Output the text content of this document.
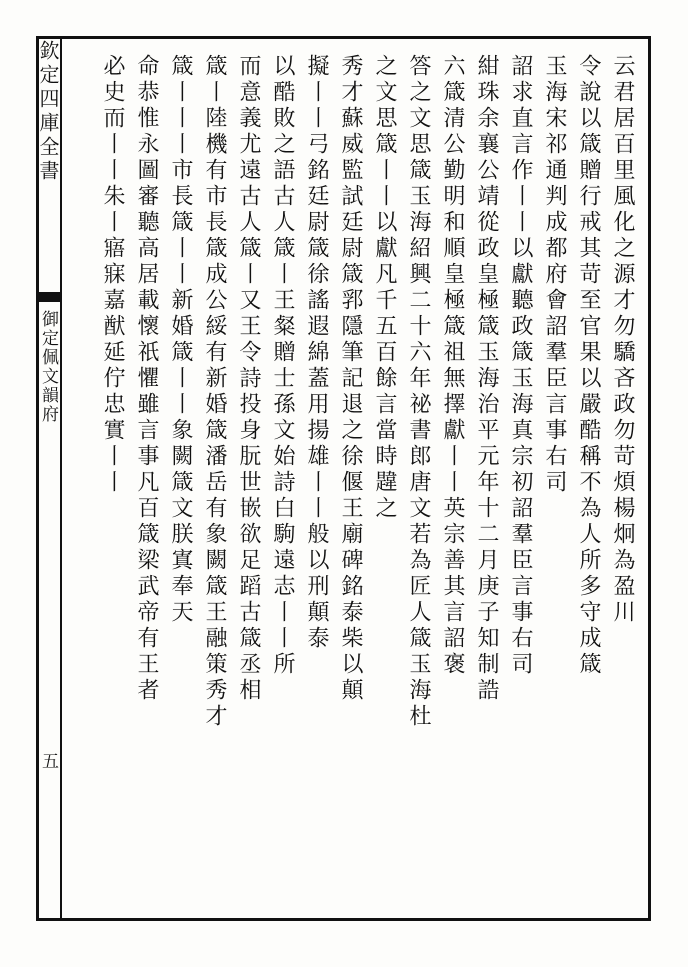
欽定四庫全書
御定佩文韻府
五
云君居百里風化之源才勿驕吝政勿苛煩楊炯為盈川
令說以箴贈行戒其苛至官果以嚴酷稱不為人所多守成箴
玉海宋祁通判成都府會詔羣臣言事右司
詔求直言作丨丨以獻聽政箴玉海真宗初詔羣臣言事右司
紺珠余襄公靖從政皇極箴玉海治平元年十二月庚子知制誥
六箴清公勤明和順皇極箴祖無擇獻丨丨英宗善其言詔褒
答之文思箴玉海紹興二十六年祕書郎唐文若為匠人箴玉海杜
之文思箴丨丨以獻凡千五百餘言當時韙之
秀才蘇威監試廷尉箴郛隱筆記退之徐偃王廟碑銘泰柴以顛
擬丨丨弓銘廷尉箴徐謠遐綿蓋用揚雄丨丨般以刑顛泰
以酷敗之語古人箴丨王粲贈士孫文始詩白駒遠志丨丨所
而意義尤遠古人箴丨又王令詩投身朊世嵌欲足蹈古箴丞相
箴丨陸機有市長箴成公綏有新婚箴潘岳有象闕箴王融策秀才
箴丨丨丨市長箴丨丨新婚箴丨丨象闕箴文朕寘奉天
命恭惟永圖審聽高居載懷祇懼雖言事凡百箴梁武帝有王者
必史而丨丨朱丨寤寐嘉猷延佇忠實丨丨
